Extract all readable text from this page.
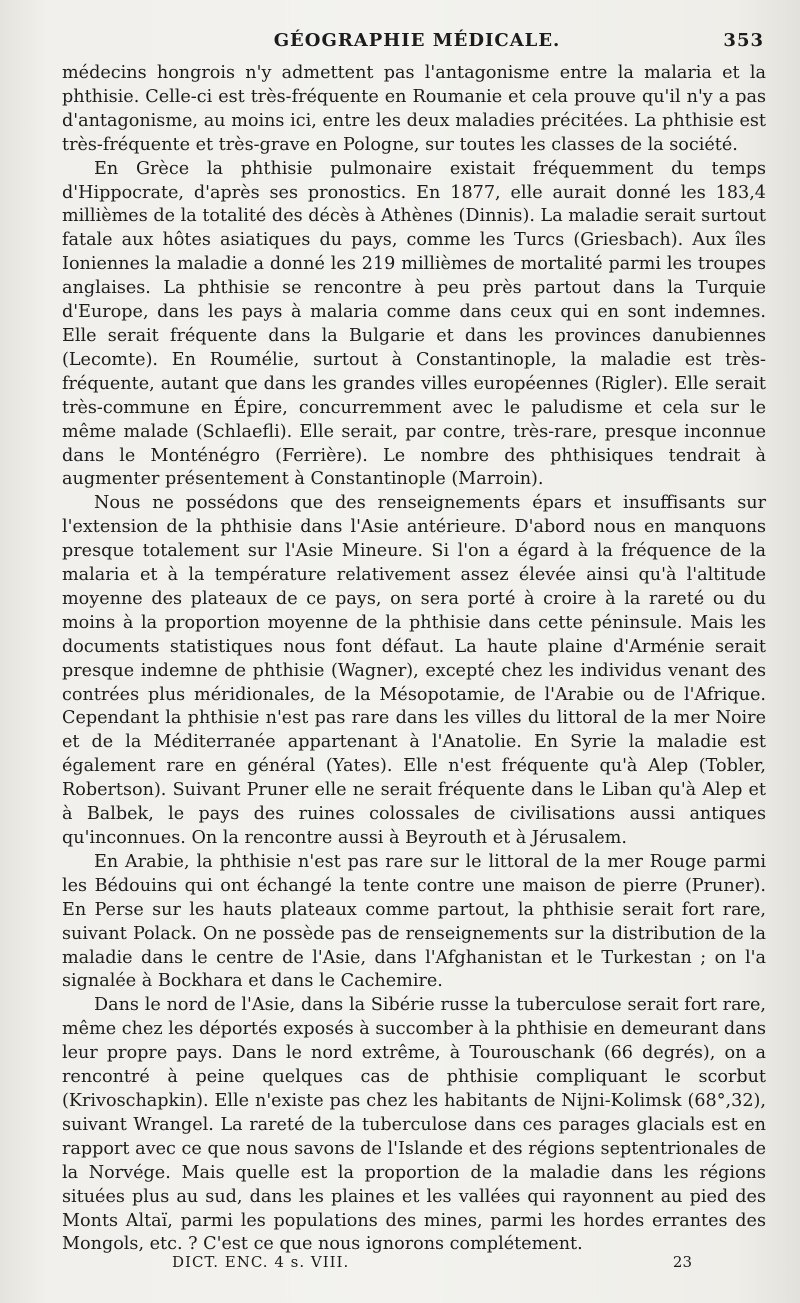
GÉOGRAPHIE MÉDICALE.	353

médecins hongrois n'y admettent pas l'antagonisme entre la malaria et la phthisie. Celle-ci est très-fréquente en Roumanie et cela prouve qu'il n'y a pas d'antagonisme, au moins ici, entre les deux maladies précitées. La phthisie est très-fréquente et très-grave en Pologne, sur toutes les classes de la société.

En Grèce la phthisie pulmonaire existait fréquemment du temps d'Hippocrate, d'après ses pronostics. En 1877, elle aurait donné les 183,4 millièmes de la totalité des décès à Athènes (Dinnis). La maladie serait surtout fatale aux hôtes asiatiques du pays, comme les Turcs (Griesbach). Aux îles Ioniennes la maladie a donné les 219 millièmes de mortalité parmi les troupes anglaises. La phthisie se rencontre à peu près partout dans la Turquie d'Europe, dans les pays à malaria comme dans ceux qui en sont indemnes. Elle serait fréquente dans la Bulgarie et dans les provinces danubiennes (Lecomte). En Roumélie, surtout à Constantinople, la maladie est très-fréquente, autant que dans les grandes villes européennes (Rigler). Elle serait très-commune en Épire, concurremment avec le paludisme et cela sur le même malade (Schlaefli). Elle serait, par contre, très-rare, presque inconnue dans le Monténégro (Ferrière). Le nombre des phthisiques tendrait à augmenter présentement à Constantinople (Marroin).

Nous ne possédons que des renseignements épars et insuffisants sur l'extension de la phthisie dans l'Asie antérieure. D'abord nous en manquons presque totalement sur l'Asie Mineure. Si l'on a égard à la fréquence de la malaria et à la température relativement assez élevée ainsi qu'à l'altitude moyenne des plateaux de ce pays, on sera porté à croire à la rareté ou du moins à la proportion moyenne de la phthisie dans cette péninsule. Mais les documents statistiques nous font défaut. La haute plaine d'Arménie serait presque indemne de phthisie (Wagner), excepté chez les individus venant des contrées plus méridionales, de la Mésopotamie, de l'Arabie ou de l'Afrique. Cependant la phthisie n'est pas rare dans les villes du littoral de la mer Noire et de la Méditerranée appartenant à l'Anatolie. En Syrie la maladie est également rare en général (Yates). Elle n'est fréquente qu'à Alep (Tobler, Robertson). Suivant Pruner elle ne serait fréquente dans le Liban qu'à Alep et à Balbek, le pays des ruines colossales de civilisations aussi antiques qu'inconnues. On la rencontre aussi à Beyrouth et à Jérusalem.

En Arabie, la phthisie n'est pas rare sur le littoral de la mer Rouge parmi les Bédouins qui ont échangé la tente contre une maison de pierre (Pruner). En Perse sur les hauts plateaux comme partout, la phthisie serait fort rare, suivant Polack. On ne possède pas de renseignements sur la distribution de la maladie dans le centre de l'Asie, dans l'Afghanistan et le Turkestan ; on l'a signalée à Bockhara et dans le Cachemire.

Dans le nord de l'Asie, dans la Sibérie russe la tuberculose serait fort rare, même chez les déportés exposés à succomber à la phthisie en demeurant dans leur propre pays. Dans le nord extrême, à Tourouschank (66 degrés), on a rencontré à peine quelques cas de phthisie compliquant le scorbut (Krivoschapkin). Elle n'existe pas chez les habitants de Nijni-Kolimsk (68°,32), suivant Wrangel. La rareté de la tuberculose dans ces parages glacials est en rapport avec ce que nous savons de l'Islande et des régions septentrionales de la Norvége. Mais quelle est la proportion de la maladie dans les régions situées plus au sud, dans les plaines et les vallées qui rayonnent au pied des Monts Altaï, parmi les populations des mines, parmi les hordes errantes des Mongols, etc. ? C'est ce que nous ignorons complétement.

DICT. ENC. 4 s. VIII.	23
